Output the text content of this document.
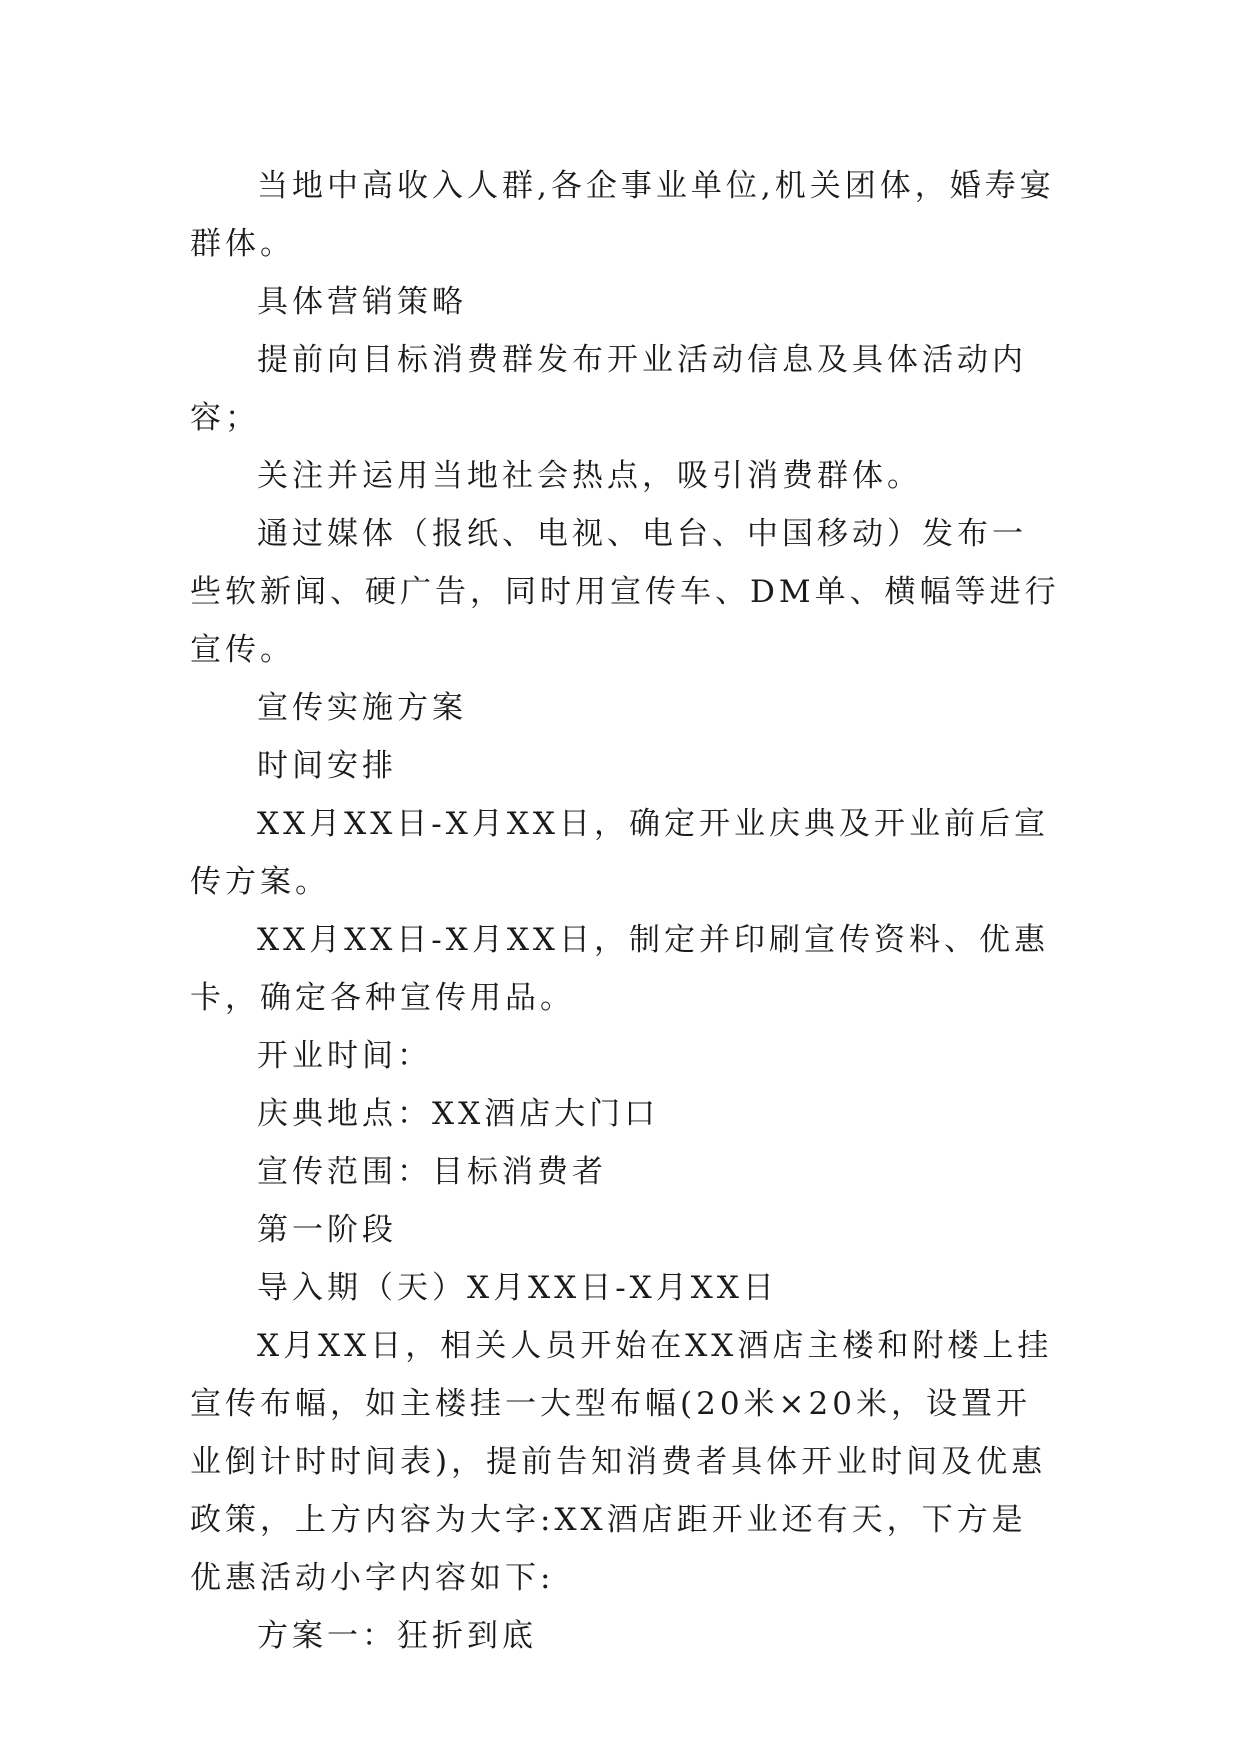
当地中高收入人群,各企事业单位,机关团体，婚寿宴群体。

具体营销策略

提前向目标消费群发布开业活动信息及具体活动内容；

关注并运用当地社会热点，吸引消费群体。

通过媒体（报纸、电视、电台、中国移动）发布一些软新闻、硬广告，同时用宣传车、DM单、横幅等进行宣传。

宣传实施方案

时间安排

XX月XX日-X月XX日，确定开业庆典及开业前后宣传方案。

XX月XX日-X月XX日，制定并印刷宣传资料、优惠卡，确定各种宣传用品。

开业时间：

庆典地点：XX酒店大门口

宣传范围：目标消费者

第一阶段

导入期（天）X月XX日-X月XX日

X月XX日，相关人员开始在XX酒店主楼和附楼上挂宣传布幅，如主楼挂一大型布幅(20米×20米，设置开业倒计时时间表)，提前告知消费者具体开业时间及优惠政策，上方内容为大字:XX酒店距开业还有天，下方是优惠活动小字内容如下:

方案一：狂折到底
